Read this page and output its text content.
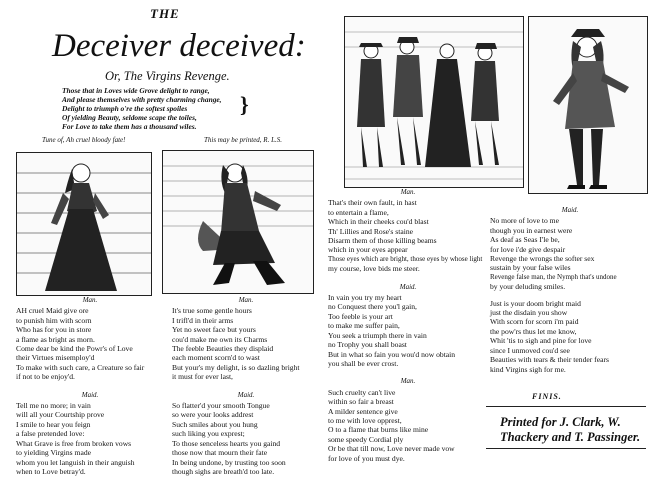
THE
Deceiver deceived:
Or, The Virgins Revenge.
Those that in Loves wide Grove delight to range,
And please themselves with pretty charming change,
Delight to triumph o're the softest spoiles
Of yielding Beauty, seldome scape the toiles,
For Love to take them has a thousand wiles.
}
Tune of, Ah cruel bloody fate!	This may be printed, R. L.S.
Man.
AH cruel Maid give ore
to punish him with scorn
Who has for you in store
a flame as bright as morn.
Come dear be kind the Powr's of Love
their Virtues misemploy'd
To make with such care, a Creature so fair
if not to be enjoy'd.
Maid.
Tell me no more; in vain
will all your Courtship prove
I smile to hear you feign
a false pretended love:
What Grave is free from broken vows
to yielding Virgins made
whom you let languish in their anguish
when to Love betray'd.
Man.
It's true some gentle hours
I trifl'd in their arms
Yet no sweet face but yours
cou'd make me own its Charms
The feeble Beauties they displaid
each moment scorn'd to wast
But your's my delight, is so dazling bright
it must for ever last,
Maid.
So flatter'd your smooth Tongue
so were your looks addrest
Such smiles about you hung
such liking you exprest;
To those senceless hearts you gaind
those now that mourn their fate
In being undone, by trusting too soon
though sighs are breath'd too late.
Man.
That's their own fault, in hast
to entertain a flame,
Which in their cheeks cou'd blast
Th' Lillies and Rose's staine
Disarm them of those killing beams
which in your eyes appear
Those eyes which are bright, those eyes by whose light
my course, love bids me steer.
Maid.
In vain you try my heart
no Conquest there you'l gain,
Too feeble is your art
to make me suffer pain,
You seek a triumph there in vain
no Trophy you shall boast
But in what so fain you wou'd now obtain
you shall be ever crost.
Man.
Such cruelty can't live
within so fair a breast
A milder sentence give
to me with love opprest,
O to a flame that burns like mine
some speedy Cordial ply
Or be that till now, Love never made vow
for love of you must dye.
Maid.
No more of love to me
though you in earnest were
As deaf as Seas I'le be,
for love i'de give despair
Revenge the wrongs the softer sex
sustain by your false wiles
Revenge false man, the Nymph that's undone
by your deluding smiles.
Just is your doom bright maid
just the disdain you show
With scorn for scorn i'm paid
the pow'rs thus let me know,
Whit 'tis to sigh and pine for love
since I unmoved cou'd see
Beauties with tears & their tender fears
kind Virgins sigh for me.
FINIS.
Printed for J. Clark, W.
Thackery and T. Passinger.
